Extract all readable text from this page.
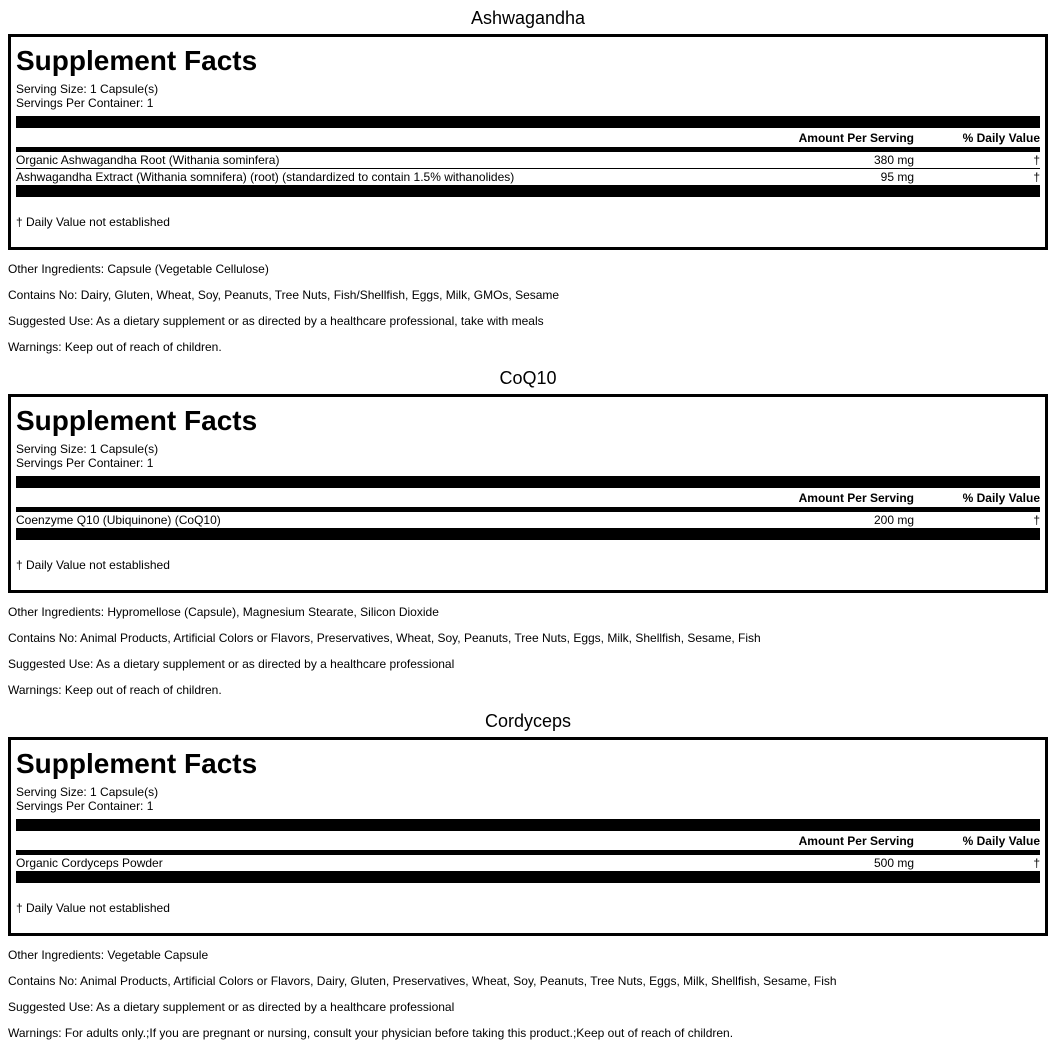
Ashwagandha
Supplement Facts
Serving Size: 1 Capsule(s)
Servings Per Container: 1
Amount Per Serving	% Daily Value
Organic Ashwagandha Root (Withania sominfera)	380 mg	†
Ashwagandha Extract (Withania somnifera) (root) (standardized to contain 1.5% withanolides)	95 mg	†
† Daily Value not established
Other Ingredients: Capsule (Vegetable Cellulose)
Contains No: Dairy, Gluten, Wheat, Soy, Peanuts, Tree Nuts, Fish/Shellfish, Eggs, Milk, GMOs, Sesame
Suggested Use: As a dietary supplement or as directed by a healthcare professional, take with meals
Warnings: Keep out of reach of children.
CoQ10
Supplement Facts
Serving Size: 1 Capsule(s)
Servings Per Container: 1
Amount Per Serving	% Daily Value
Coenzyme Q10 (Ubiquinone) (CoQ10)	200 mg	†
† Daily Value not established
Other Ingredients: Hypromellose (Capsule), Magnesium Stearate, Silicon Dioxide
Contains No: Animal Products, Artificial Colors or Flavors, Preservatives, Wheat, Soy, Peanuts, Tree Nuts, Eggs, Milk, Shellfish, Sesame, Fish
Suggested Use: As a dietary supplement or as directed by a healthcare professional
Warnings: Keep out of reach of children.
Cordyceps
Supplement Facts
Serving Size: 1 Capsule(s)
Servings Per Container: 1
Amount Per Serving	% Daily Value
Organic Cordyceps Powder	500 mg	†
† Daily Value not established
Other Ingredients: Vegetable Capsule
Contains No: Animal Products, Artificial Colors or Flavors, Dairy, Gluten, Preservatives, Wheat, Soy, Peanuts, Tree Nuts, Eggs, Milk, Shellfish, Sesame, Fish
Suggested Use: As a dietary supplement or as directed by a healthcare professional
Warnings: For adults only.;If you are pregnant or nursing, consult your physician before taking this product.;Keep out of reach of children.
